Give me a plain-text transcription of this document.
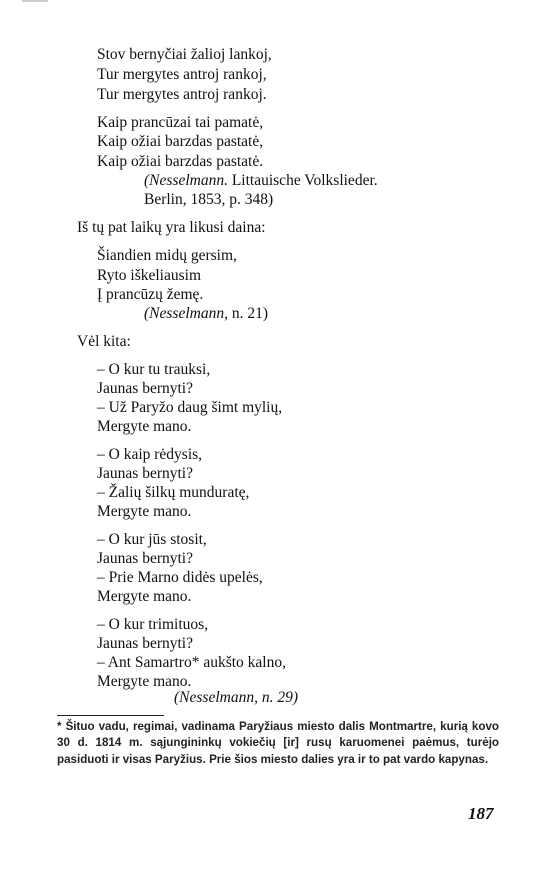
Stov bernyčiai žalioj lankoj,
Tur mergytes antroj rankoj,
Tur mergytes antroj rankoj.
Kaip prancūzai tai pamatė,
Kaip ožiai barzdas pastatė,
Kaip ožiai barzdas pastatė.
(Nesselmann. Littauische Volkslieder.
Berlin, 1853, p. 348)
Iš tų pat laikų yra likusi daina:
Šiandien midų gersim,
Ryto iškeliausim
Į prancūzų žemę.
(Nesselmann, n. 21)
Vėl kita:
– O kur tu trauksi,
Jaunas bernyti?
– Už Paryžo daug šimt mylių,
Mergyte mano.
– O kaip rėdysis,
Jaunas bernyti?
– Žalių šilkų munduratę,
Mergyte mano.
– O kur jūs stosit,
Jaunas bernyti?
– Prie Marno didės upelės,
Mergyte mano.
– O kur trimituos,
Jaunas bernyti?
– Ant Samartro* aukšto kalno,
Mergyte mano.
(Nesselmann, n. 29)
* Šituo vadu, regimai, vadinama Paryžiaus miesto dalis Montmartre, kurią kovo 30 d. 1814 m. sąjungininkų vokiečių [ir] rusų karuomenei paėmus, turėjo pasiduoti ir visas Paryžius. Prie šios miesto dalies yra ir to pat vardo kapynas.
187
